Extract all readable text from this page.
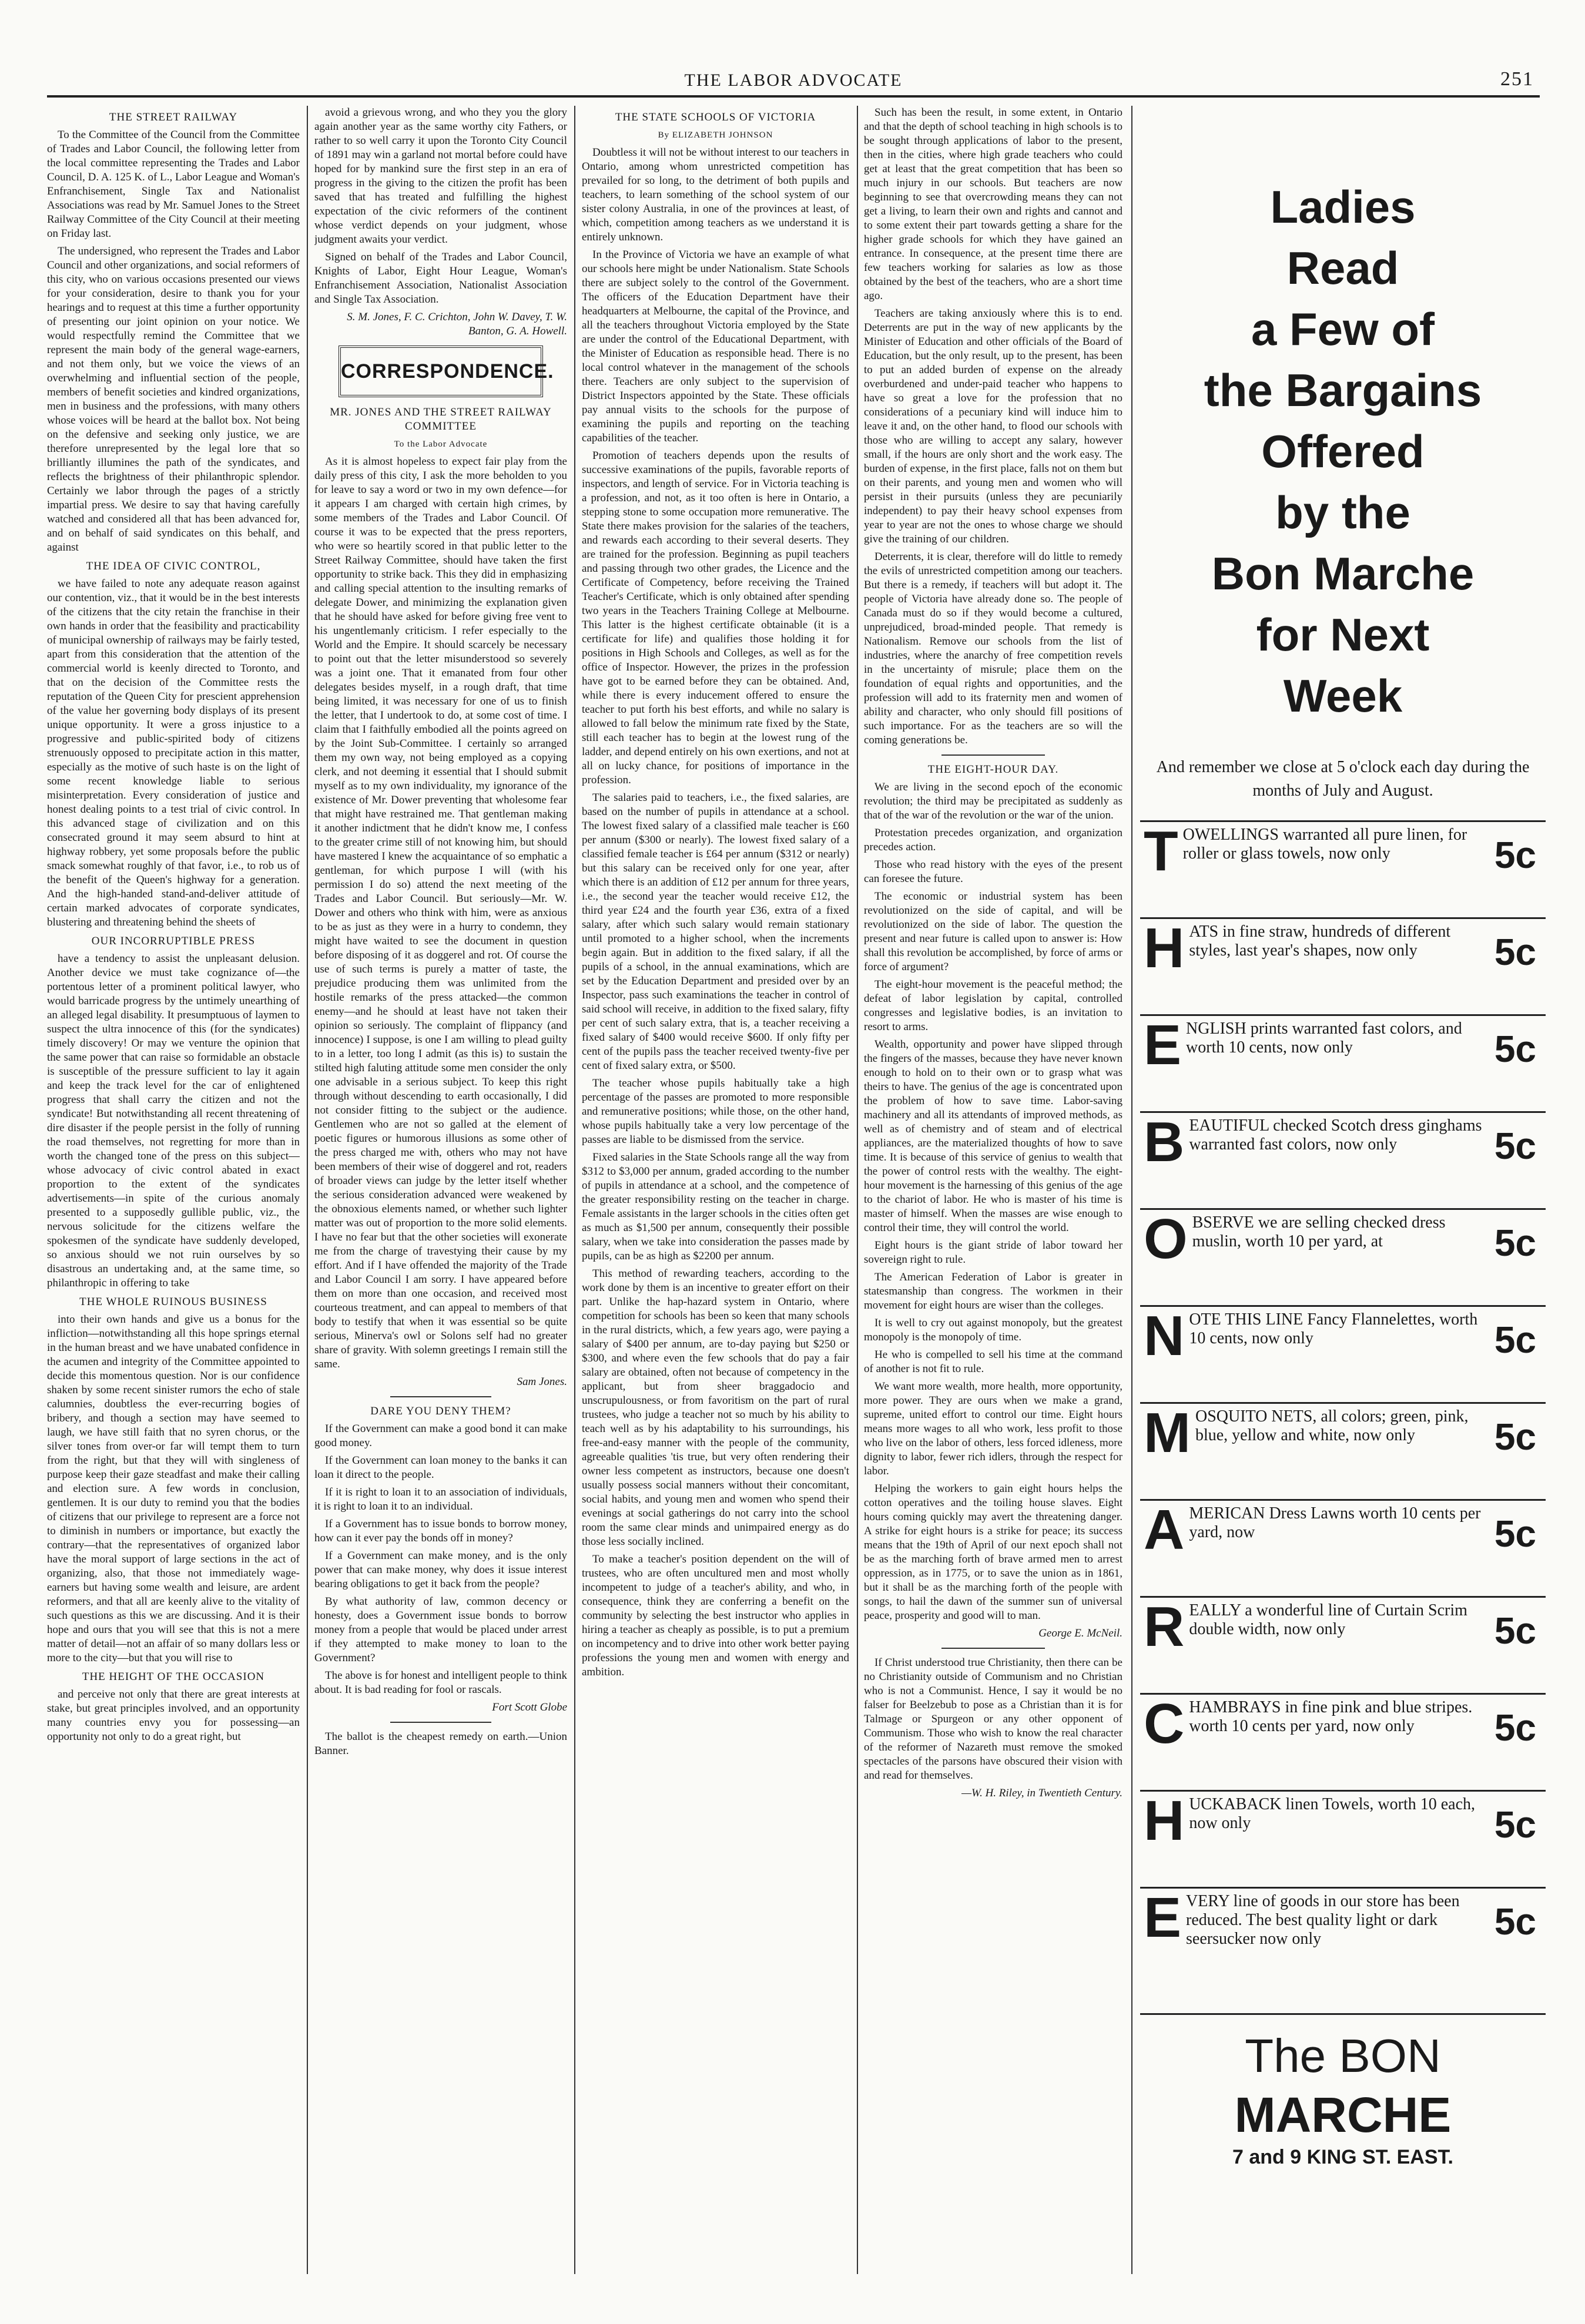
THE LABOR ADVOCATE	251
THE STREET RAILWAY

To the Committee of the Council from the Committee of Trades and Labor Council, the following letter from the local committee representing the Trades and Labor Council, D. A. 125 K. of L., Labor League and Woman's Enfranchisement, Single Tax and Nationalist Associations was read by Mr. Samuel Jones to the Street Railway Committee of the City Council at their meeting on Friday last.

The undersigned, who represent the Trades and Labor Council and other organizations, and social reformers of this city, who on various occasions presented our views for your consideration, desire to thank you for your hearings and to request at this time a further opportunity of presenting our joint opinion on your notice. We would respectfully remind the Committee that we represent the main body of the general wage-earners, and not them only, but we voice the views of an overwhelming and influential section of the people, members of benefit societies and kindred organizations, men in business and the professions, with many others whose voices will be heard at the ballot box. Not being on the defensive and seeking only justice, we are therefore unrepresented by the legal lore that so brilliantly illumines the path of the syndicates, and reflects the brightness of their philanthropic splendor. Certainly we labor through the pages of a strictly impartial press. We desire to say that having carefully watched and considered all that has been advanced for, and on behalf of said syndicates on this behalf, and against

THE IDEA OF CIVIC CONTROL,

we have failed to note any adequate reason against our contention, viz., that it would be in the best interests of the citizens that the city retain the franchise in their own hands in order that the feasibility and practicability of municipal ownership of railways may be fairly tested, apart from this consideration that the attention of the commercial world is keenly directed to Toronto, and that on the decision of the Committee rests the reputation of the Queen City for prescient apprehension of the value her governing body displays of its present unique opportunity. It were a gross injustice to a progressive and public-spirited body of citizens strenuously opposed to precipitate action in this matter, especially as the motive of such haste is on the light of some recent knowledge liable to serious misinterpretation. Every consideration of justice and honest dealing points to a test trial of civic control. In this advanced stage of civilization and on this consecrated ground it may seem absurd to hint at highway robbery, yet some proposals before the public smack somewhat roughly of that favor, i.e., to rob us of the benefit of the Queen's highway for a generation. And the high-handed stand-and-deliver attitude of certain marked advocates of corporate syndicates, blustering and threatening behind the sheets of

OUR INCORRUPTIBLE PRESS

have a tendency to assist the unpleasant delusion. Another device we must take cognizance of—the portentous letter of a prominent political lawyer, who would barricade progress by the untimely unearthing of an alleged legal disability. It presumptuous of laymen to suspect the ultra innocence of this (for the syndicates) timely discovery! Or may we venture the opinion that the same power that can raise so formidable an obstacle is susceptible of the pressure sufficient to lay it again and keep the track level for the car of enlightened progress that shall carry the citizen and not the syndicate! But notwithstanding all recent threatening of dire disaster if the people persist in the folly of running the road themselves, not regretting for more than in worth the changed tone of the press on this subject—whose advocacy of civic control abated in exact proportion to the extent of the syndicates advertisements—in spite of the curious anomaly presented to a supposedly gullible public, viz., the nervous solicitude for the citizens welfare the spokesmen of the syndicate have suddenly developed, so anxious should we not ruin ourselves by so disastrous an undertaking and, at the same time, so philanthropic in offering to take

THE WHOLE RUINOUS BUSINESS

into their own hands and give us a bonus for the infliction—notwithstanding all this hope springs eternal in the human breast and we have unabated confidence in the acumen and integrity of the Committee appointed to decide this momentous question. Nor is our confidence shaken by some recent sinister rumors the echo of stale calumnies, doubtless the ever-recurring bogies of bribery, and though a section may have seemed to laugh, we have still faith that no syren chorus, or the silver tones from over-or far will tempt them to turn from the right, but that they will with singleness of purpose keep their gaze steadfast and make their calling and election sure. A few words in conclusion, gentlemen. It is our duty to remind you that the bodies of citizens that our privilege to represent are a force not to diminish in numbers or importance, but exactly the contrary—that the representatives of organized labor have the moral support of large sections in the act of organizing, also, that those not immediately wage-earners but having some wealth and leisure, are ardent reformers, and that all are keenly alive to the vitality of such questions as this we are discussing. And it is their hope and ours that you will see that this is not a mere matter of detail—not an affair of so many dollars less or more to the city—but that you will rise to

THE HEIGHT OF THE OCCASION

and perceive not only that there are great interests at stake, but great principles involved, and an opportunity many countries envy you for possessing—an opportunity not only to do a great right, but

avoid a grievous wrong, and who they you the glory again another year as the same worthy city Fathers, or rather to so well carry it upon the Toronto City Council of 1891 may win a garland not mortal before could have hoped for by mankind sure the first step in an era of progress in the giving to the citizen the profit has been saved that has treated and fulfilling the highest expectation of the civic reformers of the continent whose verdict depends on your judgment, whose judgment awaits your verdict.

Signed on behalf of the Trades and Labor Council, Knights of Labor, Eight Hour League, Woman's Enfranchisement Association, Nationalist Association and Single Tax Association.

S. M. Jones, F. C. Crichton, John W. Davey, T. W. Banton, G. A. Howell.

CORRESPONDENCE.
MR. JONES AND THE STREET RAILWAY COMMITTEE
To the Labor Advocate

As it is almost hopeless to expect fair play from the daily press of this city, I ask the more beholden to you for leave to say a word or two in my own defence—for it appears I am charged with certain high crimes, by some members of the Trades and Labor Council. Of course it was to be expected that the press reporters, who were so heartily scored in that public letter to the Street Railway Committee, should have taken the first opportunity to strike back. This they did in emphasizing and calling special attention to the insulting remarks of delegate Dower, and minimizing the explanation given that he should have asked for before giving free vent to his ungentlemanly criticism. I refer especially to the World and the Empire. It should scarcely be necessary to point out that the letter misunderstood so severely was a joint one. That it emanated from four other delegates besides myself, in a rough draft, that time being limited, it was necessary for one of us to finish the letter, that I undertook to do, at some cost of time. I claim that I faithfully embodied all the points agreed on by the Joint Sub-Committee. I certainly so arranged them my own way, not being employed as a copying clerk, and not deeming it essential that I should submit myself as to my own individuality, my ignorance of the existence of Mr. Dower preventing that wholesome fear that might have restrained me. That gentleman making it another indictment that he didn't know me, I confess to the greater crime still of not knowing him, but should have mastered I knew the acquaintance of so emphatic a gentleman, for which purpose I will (with his permission I do so) attend the next meeting of the Trades and Labor Council. But seriously—Mr. W. Dower and others who think with him, were as anxious to be as just as they were in a hurry to condemn, they might have waited to see the document in question before disposing of it as doggerel and rot. Of course the use of such terms is purely a matter of taste, the prejudice producing them was unlimited from the hostile remarks of the press attacked—the common enemy—and he should at least have not taken their opinion so seriously. The complaint of flippancy (and innocence) I suppose, is one I am willing to plead guilty to in a letter, too long I admit (as this is) to sustain the stilted high faluting attitude some men consider the only one advisable in a serious subject. To keep this right through without descending to earth occasionally, I did not consider fitting to the subject or the audience. Gentlemen who are not so galled at the element of poetic figures or humorous illusions as some other of the press charged me with, others who may not have been members of their wise of doggerel and rot, readers of broader views can judge by the letter itself whether the serious consideration advanced were weakened by the obnoxious elements named, or whether such lighter matter was out of proportion to the more solid elements. I have no fear but that the other societies will exonerate me from the charge of travestying their cause by my effort. And if I have offended the majority of the Trade and Labor Council I am sorry. I have appeared before them on more than one occasion, and received most courteous treatment, and can appeal to members of that body to testify that when it was essential so be quite serious, Minerva's owl or Solons self had no greater share of gravity. With solemn greetings I remain still the same.

Sam Jones.

DARE YOU DENY THEM?

If the Government can make a good bond it can make good money.

If the Government can loan money to the banks it can loan it direct to the people.

If it is right to loan it to an association of individuals, it is right to loan it to an individual.

If a Government has to issue bonds to borrow money, how can it ever pay the bonds off in money?

If a Government can make money, and is the only power that can make money, why does it issue interest bearing obligations to get it back from the people?

By what authority of law, common decency or honesty, does a Government issue bonds to borrow money from a people that would be placed under arrest if they attempted to make money to loan to the Government?

The above is for honest and intelligent people to think about. It is bad reading for fool or rascals.

Fort Scott Globe

The ballot is the cheapest remedy on earth.—Union Banner.

THE STATE SCHOOLS OF VICTORIA
By ELIZABETH JOHNSON

Doubtless it will not be without interest to our teachers in Ontario, among whom unrestricted competition has prevailed for so long, to the detriment of both pupils and teachers, to learn something of the school system of our sister colony Australia, in one of the provinces at least, of which, competition among teachers as we understand it is entirely unknown.

In the Province of Victoria we have an example of what our schools here might be under Nationalism. State Schools there are subject solely to the control of the Government. The officers of the Education Department have their headquarters at Melbourne, the capital of the Province, and all the teachers throughout Victoria employed by the State are under the control of the Educational Department, with the Minister of Education as responsible head. There is no local control whatever in the management of the schools there. Teachers are only subject to the supervision of District Inspectors appointed by the State. These officials pay annual visits to the schools for the purpose of examining the pupils and reporting on the teaching capabilities of the teacher.

Promotion of teachers depends upon the results of successive examinations of the pupils, favorable reports of inspectors, and length of service. For in Victoria teaching is a profession, and not, as it too often is here in Ontario, a stepping stone to some occupation more remunerative. The State there makes provision for the salaries of the teachers, and rewards each according to their several deserts. They are trained for the profession. Beginning as pupil teachers and passing through two other grades, the Licence and the Certificate of Competency, before receiving the Trained Teacher's Certificate, which is only obtained after spending two years in the Teachers Training College at Melbourne. This latter is the highest certificate obtainable (it is a certificate for life) and qualifies those holding it for positions in High Schools and Colleges, as well as for the office of Inspector. However, the prizes in the profession have got to be earned before they can be obtained. And, while there is every inducement offered to ensure the teacher to put forth his best efforts, and while no salary is allowed to fall below the minimum rate fixed by the State, still each teacher has to begin at the lowest rung of the ladder, and depend entirely on his own exertions, and not at all on lucky chance, for positions of importance in the profession.

The salaries paid to teachers, i.e., the fixed salaries, are based on the number of pupils in attendance at a school. The lowest fixed salary of a classified male teacher is £60 per annum ($300 or nearly). The lowest fixed salary of a classified female teacher is £64 per annum ($312 or nearly) but this salary can be received only for one year, after which there is an addition of £12 per annum for three years, i.e., the second year the teacher would receive £12, the third year £24 and the fourth year £36, extra of a fixed salary, after which such salary would remain stationary until promoted to a higher school, when the increments begin again. But in addition to the fixed salary, if all the pupils of a school, in the annual examinations, which are set by the Education Department and presided over by an Inspector, pass such examinations the teacher in control of said school will receive, in addition to the fixed salary, fifty per cent of such salary extra, that is, a teacher receiving a fixed salary of $400 would receive $600. If only fifty per cent of the pupils pass the teacher received twenty-five per cent of fixed salary extra, or $500.

The teacher whose pupils habitually take a high percentage of the passes are promoted to more responsible and remunerative positions; while those, on the other hand, whose pupils habitually take a very low percentage of the passes are liable to be dismissed from the service.

Fixed salaries in the State Schools range all the way from $312 to $3,000 per annum, graded according to the number of pupils in attendance at a school, and the competence of the greater responsibility resting on the teacher in charge. Female assistants in the larger schools in the cities often get as much as $1,500 per annum, consequently their possible salary, when we take into consideration the passes made by pupils, can be as high as $2200 per annum.

This method of rewarding teachers, according to the work done by them is an incentive to greater effort on their part. Unlike the hap-hazard system in Ontario, where competition for schools has been so keen that many schools in the rural districts, which, a few years ago, were paying a salary of $400 per annum, are to-day paying but $250 or $300, and where even the few schools that do pay a fair salary are obtained, often not because of competency in the applicant, but from sheer braggadocio and unscrupulousness, or from favoritism on the part of rural trustees, who judge a teacher not so much by his ability to teach well as by his adaptability to his surroundings, his free-and-easy manner with the people of the community, agreeable qualities 'tis true, but very often rendering their owner less competent as instructors, because one doesn't usually possess social manners without their concomitant, social habits, and young men and women who spend their evenings at social gatherings do not carry into the school room the same clear minds and unimpaired energy as do those less socially inclined.

To make a teacher's position dependent on the will of trustees, who are often uncultured men and most wholly incompetent to judge of a teacher's ability, and who, in consequence, think they are conferring a benefit on the community by selecting the best instructor who applies in hiring a teacher as cheaply as possible, is to put a premium on incompetency and to drive into other work better paying professions the young men and women with energy and ambition.

Such has been the result, in some extent, in Ontario and that the depth of school teaching in high schools is to be sought through applications of labor to the present, then in the cities, where high grade teachers who could get at least that the great competition that has been so much injury in our schools. But teachers are now beginning to see that overcrowding means they can not get a living, to learn their own and rights and cannot and to some extent their part towards getting a share for the higher grade schools for which they have gained an entrance. In consequence, at the present time there are few teachers working for salaries as low as those obtained by the best of the teachers, who are a short time ago.

Teachers are taking anxiously where this is to end. Deterrents are put in the way of new applicants by the Minister of Education and other officials of the Board of Education, but the only result, up to the present, has been to put an added burden of expense on the already overburdened and under-paid teacher who happens to have so great a love for the profession that no considerations of a pecuniary kind will induce him to leave it and, on the other hand, to flood our schools with those who are willing to accept any salary, however small, if the hours are only short and the work easy. The burden of expense, in the first place, falls not on them but on their parents, and young men and women who will persist in their pursuits (unless they are pecuniarily independent) to pay their heavy school expenses from year to year are not the ones to whose charge we should give the training of our children.

Deterrents, it is clear, therefore will do little to remedy the evils of unrestricted competition among our teachers. But there is a remedy, if teachers will but adopt it. The people of Victoria have already done so. The people of Canada must do so if they would become a cultured, unprejudiced, broad-minded people. That remedy is Nationalism. Remove our schools from the list of industries, where the anarchy of free competition revels in the uncertainty of misrule; place them on the foundation of equal rights and opportunities, and the profession will add to its fraternity men and women of ability and character, who only should fill positions of such importance. For as the teachers are so will the coming generations be.

THE EIGHT-HOUR DAY.

We are living in the second epoch of the economic revolution; the third may be precipitated as suddenly as that of the war of the revolution or the war of the union.

Protestation precedes organization, and organization precedes action.

Those who read history with the eyes of the present can foresee the future.

The economic or industrial system has been revolutionized on the side of capital, and will be revolutionized on the side of labor. The question the present and near future is called upon to answer is: How shall this revolution be accomplished, by force of arms or force of argument?

The eight-hour movement is the peaceful method; the defeat of labor legislation by capital, controlled congresses and legislative bodies, is an invitation to resort to arms.

Wealth, opportunity and power have slipped through the fingers of the masses, because they have never known enough to hold on to their own or to grasp what was theirs to have. The genius of the age is concentrated upon the problem of how to save time. Labor-saving machinery and all its attendants of improved methods, as well as of chemistry and of steam and of electrical appliances, are the materialized thoughts of how to save time. It is because of this service of genius to wealth that the power of control rests with the wealthy. The eight-hour movement is the harnessing of this genius of the age to the chariot of labor. He who is master of his time is master of himself. When the masses are wise enough to control their time, they will control the world.

Eight hours is the giant stride of labor toward her sovereign right to rule.

The American Federation of Labor is greater in statesmanship than congress. The workmen in their movement for eight hours are wiser than the colleges.

It is well to cry out against monopoly, but the greatest monopoly is the monopoly of time.

He who is compelled to sell his time at the command of another is not fit to rule.

We want more wealth, more health, more opportunity, more power. They are ours when we make a grand, supreme, united effort to control our time. Eight hours means more wages to all who work, less profit to those who live on the labor of others, less forced idleness, more dignity to labor, fewer rich idlers, through the respect for labor.

Helping the workers to gain eight hours helps the cotton operatives and the toiling house slaves. Eight hours coming quickly may avert the threatening danger. A strike for eight hours is a strike for peace; its success means that the 19th of April of our next epoch shall not be as the marching forth of brave armed men to arrest oppression, as in 1775, or to save the union as in 1861, but it shall be as the marching forth of the people with songs, to hail the dawn of the summer sun of universal peace, prosperity and good will to man.

George E. McNeil.

If Christ understood true Christianity, then there can be no Christianity outside of Communism and no Christian who is not a Communist. Hence, I say it would be no falser for Beelzebub to pose as a Christian than it is for Talmage or Spurgeon or any other opponent of Communism. Those who wish to know the real character of the reformer of Nazareth must remove the smoked spectacles of the parsons have obscured their vision with and read for themselves.

—W. H. Riley, in Twentieth Century.

Ladies
Read
a Few of
the Bargains
Offered
by the
Bon Marche
for Next
Week
And remember we close at 5 o'clock each day during the months of July and August.
TOWELLINGS warranted all pure linen, for roller or glass towels, now only	5c
HATS in fine straw, hundreds of different styles, last year's shapes, now only 5c
ENGLISH prints warranted fast colors, and worth 10 cents, now only	5c
BEAUTIFUL checked Scotch dress ginghams warranted fast colors, now only	5c
OBSERVE we are selling checked dress muslin, worth 10 per yard, at	5c
NOTE THIS LINE Fancy Flannelettes, worth 10 cents, now only	5c
MOSQUITO NETS, all colors; green, pink, blue, yellow and white, now only 5c
AMERICAN Dress Lawns worth 10 cents per yard, now	5c
REALLY a wonderful line of Curtain Scrim double width, now only	5c
CHAMBRAYS in fine pink and blue stripes. worth 10 cents per yard, now only 5c
HUCKABACK linen Towels, worth 10 each, now only	5c
EVERY line of goods in our store has been reduced. The best quality light or dark seersucker now only	5c
The BON
MARCHE
7 and 9 KING ST. EAST.
